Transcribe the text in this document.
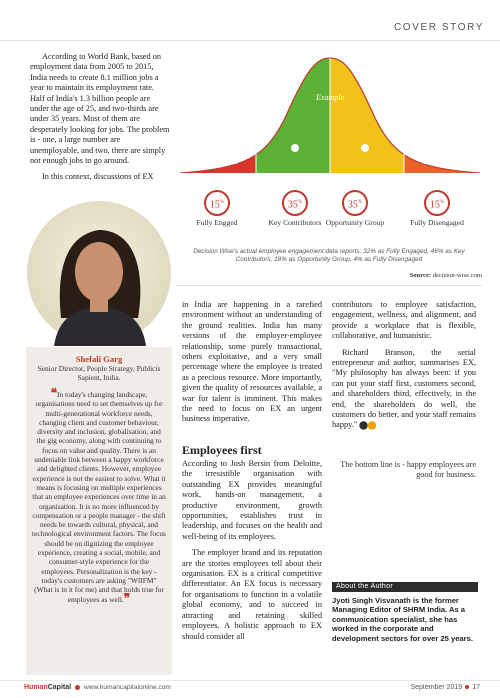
COVER STORY

According to World Bank, based on employment data from 2005 to 2015, India needs to create 8.1 million jobs a year to maintain its employment rate. Half of India's 1.3 billion people are under the age of 25, and two-thirds are under 35 years. Most of them are desperately looking for jobs. The problem is - one, a large number are unemployable, and two, there are simply not enough jobs to go around.

In this context, discussions of EX

Example
15%
Fully Engged
35%
Key Contributors
35%
Opportunity Group
15%
Fully Disengaged
Decision Wise's actual employee engagement data reports: 32% as Fully Engaged, 46% as Key Contributors, 18% as Opportunity Group, 4% as Fully Disengaged
Source: decision-wise.com
Shefali Garg
Senior Director, People Strategy, Publicis Sapient, India.
❝In today's changing landscape, organisations need to set themselves up for multi-generational workforce needs, changing client and customer behaviour, diversity and inclusion, globalisation, and the gig economy, along with continuing to focus on value and quality. There is an undeniable link between a happy workforce and delighted clients. However, employee experience is not the easiest to solve. What it means is focusing on multiple experiences that an employee experiences over time in an organisation. It is no more influenced by compensation or a people manager - the shift needs be towards cultural, physical, and technological environment factors. The focus should be on digitizing the employee experience, creating a social, mobile, and consumer-style experience for the employees. Personalization is the key - today's customers are asking "WIIFM" (What is in it for me) and that holds true for employees as well.❞

in India are happening in a rarefied environment without an understanding of the ground realities. India has many versions of the employer-employee relationship, some purely transactional, others exploitative, and a very small percentage where the employee is treated as a precious resource. More importantly, given the quality of resources available, a war for talent is imminent. This makes the need to focus on EX an urgent business imperative.

Employees first

According to Josh Bersin from Deloitte, the irresistible organisation with outstanding EX provides meaningful work, hands-on management, a productive environment, growth opportunities, establishes trust in leadership, and focuses on the health and well-being of its employees.

The employer brand and its reputation are the stories employees tell about their organisation. EX is a critical competitive differentiator. An EX focus is necessary for organisations to function in a volatile global economy, and to succeed in attracting and retaining skilled employees. A holistic approach to EX should consider all

contributors to employee satisfaction, engagement, wellness, and alignment, and provide a workplace that is flexible, collaborative, and humanistic.

Richard Branson, the serial entrepreneur and author, summarises EX, "My philosophy has always been: if you can put your staff first, customers second, and shareholders third, effectively, in the end, the shareholders do well, the customers do better, and your staff remains happy."

The bottom line is - happy employees are good for business.
About the Author
Jyoti Singh Visvanath is the former Managing Editor of SHRM India. As a communication specialist, she has worked in the corporate and development sectors for over 25 years.
HumanCapital www.humancapitalonline.com	September 2019 17
